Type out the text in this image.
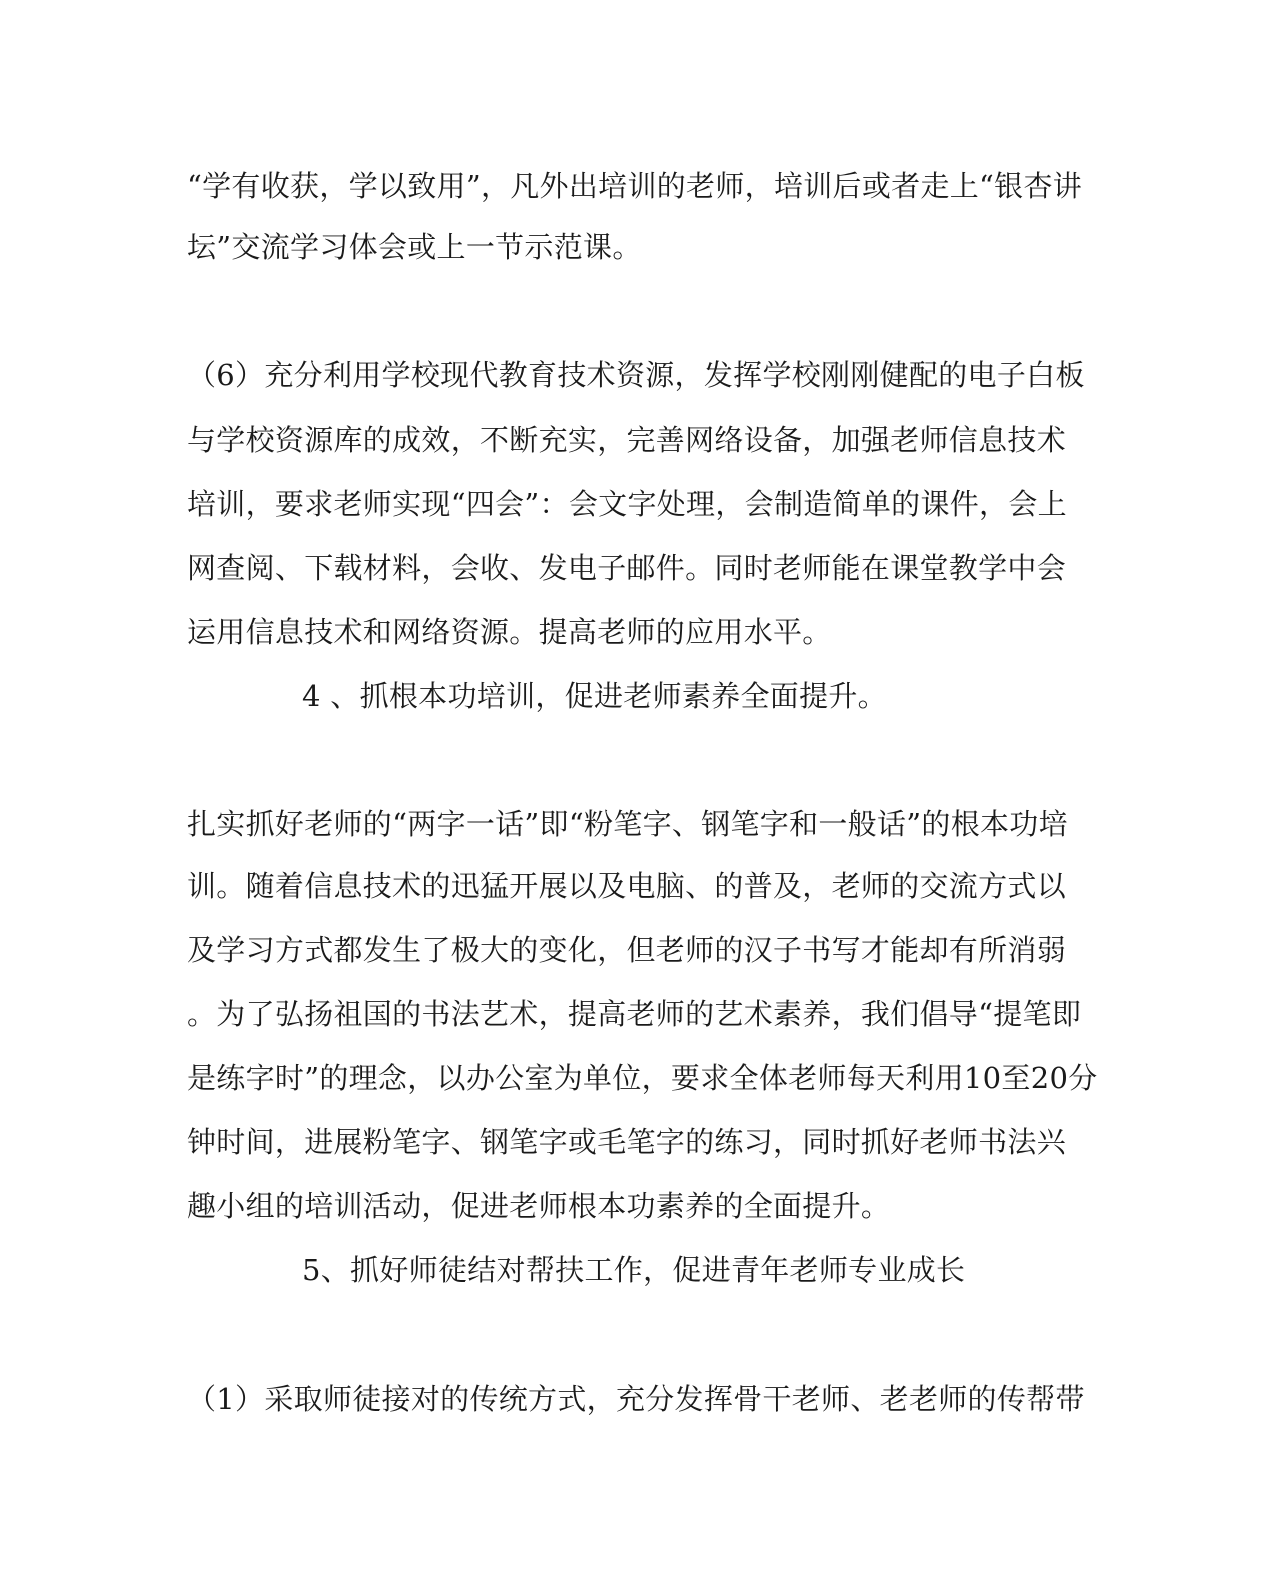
“学有收获，学以致用”，凡外出培训的老师，培训后或者走上“银杏讲
坛”交流学习体会或上一节示范课。
（6）充分利用学校现代教育技术资源，发挥学校刚刚健配的电子白板
与学校资源库的成效，不断充实，完善网络设备，加强老师信息技术
培训，要求老师实现“四会”：会文字处理，会制造简单的课件，会上
网查阅、下载材料，会收、发电子邮件。同时老师能在课堂教学中会
运用信息技术和网络资源。提高老师的应用水平。
4 、抓根本功培训，促进老师素养全面提升。
扎实抓好老师的“两字一话”即“粉笔字、钢笔字和一般话”的根本功培
训。随着信息技术的迅猛开展以及电脑、的普及，老师的交流方式以
及学习方式都发生了极大的变化，但老师的汉子书写才能却有所消弱
。为了弘扬祖国的书法艺术，提高老师的艺术素养，我们倡导“提笔即
是练字时”的理念，以办公室为单位，要求全体老师每天利用10至20分
钟时间，进展粉笔字、钢笔字或毛笔字的练习，同时抓好老师书法兴
趣小组的培训活动，促进老师根本功素养的全面提升。
5、抓好师徒结对帮扶工作，促进青年老师专业成长
（1）采取师徒接对的传统方式，充分发挥骨干老师、老老师的传帮带
